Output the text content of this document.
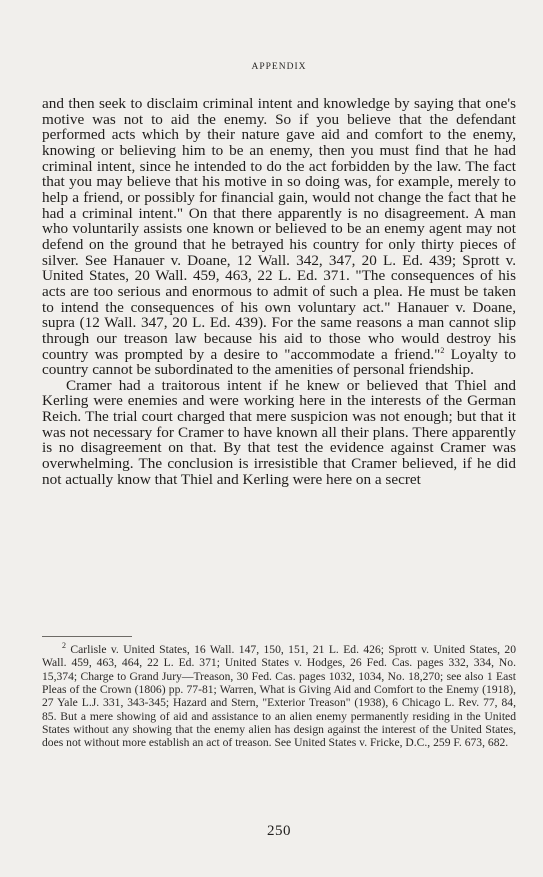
APPENDIX

and then seek to disclaim criminal intent and knowledge by saying that one's motive was not to aid the enemy. So if you believe that the defendant performed acts which by their nature gave aid and comfort to the enemy, knowing or believing him to be an enemy, then you must find that he had criminal intent, since he intended to do the act forbidden by the law. The fact that you may believe that his motive in so doing was, for example, merely to help a friend, or possibly for financial gain, would not change the fact that he had a criminal intent." On that there apparently is no disagreement. A man who voluntarily assists one known or believed to be an enemy agent may not defend on the ground that he betrayed his country for only thirty pieces of silver. See Hanauer v. Doane, 12 Wall. 342, 347, 20 L. Ed. 439; Sprott v. United States, 20 Wall. 459, 463, 22 L. Ed. 371. "The consequences of his acts are too serious and enormous to admit of such a plea. He must be taken to intend the consequences of his own voluntary act." Hanauer v. Doane, supra (12 Wall. 347, 20 L. Ed. 439). For the same reasons a man cannot slip through our treason law because his aid to those who would destroy his country was prompted by a desire to "accommodate a friend."$^2$ Loyalty to country cannot be subordinated to the amenities of personal friendship.

Cramer had a traitorous intent if he knew or believed that Thiel and Kerling were enemies and were working here in the interests of the German Reich. The trial court charged that mere suspicion was not enough; but that it was not necessary for Cramer to have known all their plans. There apparently is no disagreement on that. By that test the evidence against Cramer was overwhelming. The conclusion is irresistible that Cramer believed, if he did not actually know that Thiel and Kerling were here on a secret

$^2$ Carlisle v. United States, 16 Wall. 147, 150, 151, 21 L. Ed. 426; Sprott v. United States, 20 Wall. 459, 463, 464, 22 L. Ed. 371; United States v. Hodges, 26 Fed. Cas. pages 332, 334, No. 15,374; Charge to Grand Jury—Treason, 30 Fed. Cas. pages 1032, 1034, No. 18,270; see also 1 East Pleas of the Crown (1806) pp. 77-81; Warren, What is Giving Aid and Comfort to the Enemy (1918), 27 Yale L.J. 331, 343-345; Hazard and Stern, "Exterior Treason" (1938), 6 Chicago L. Rev. 77, 84, 85. But a mere showing of aid and assistance to an alien enemy permanently residing in the United States without any showing that the enemy alien has design against the interest of the United States, does not without more establish an act of treason. See United States v. Fricke, D.C., 259 F. 673, 682.

250
